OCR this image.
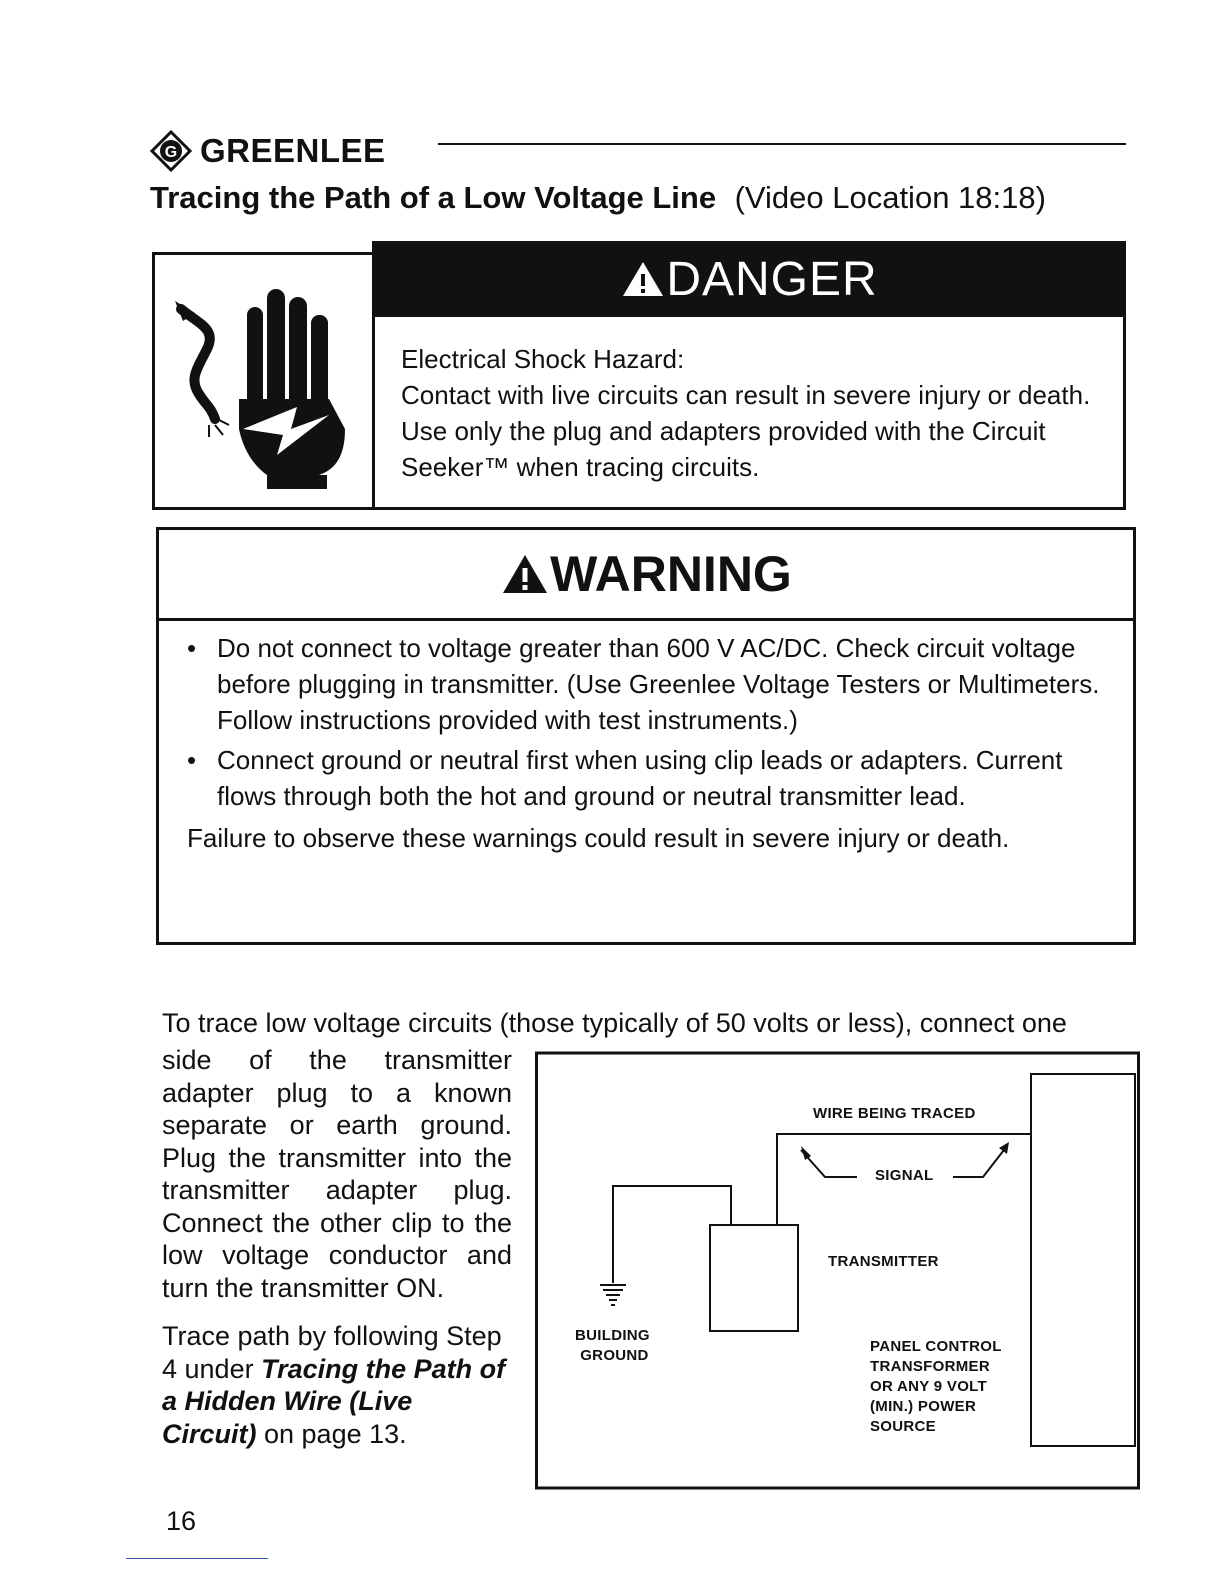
G GREENLEE
Tracing the Path of a Low Voltage Line (Video Location 18:18)
DANGER
Electrical Shock Hazard:
Contact with live circuits can result in severe injury or death. Use only the plug and adapters provided with the Circuit Seeker™ when tracing circuits.
WARNING
• Do not connect to voltage greater than 600 V AC/DC. Check circuit voltage before plugging in transmitter. (Use Greenlee Voltage Testers or Multimeters. Follow instructions provided with test instruments.)
• Connect ground or neutral first when using clip leads or adapters. Current flows through both the hot and ground or neutral transmitter lead.
Failure to observe these warnings could result in severe injury or death.
To trace low voltage circuits (those typically of 50 volts or less), connect one
side of the transmitter adapter plug to a known separate or earth ground. Plug the transmitter into the transmitter adapter plug. Connect the other clip to the low voltage conductor and turn the transmitter ON.
Trace path by following Step 4 under Tracing the Path of a Hidden Wire (Live Circuit) on page 13.
WIRE BEING TRACED
SIGNAL
TRANSMITTER
BUILDING
GROUND
PANEL CONTROL
TRANSFORMER
OR ANY 9 VOLT
(MIN.) POWER
SOURCE
16
